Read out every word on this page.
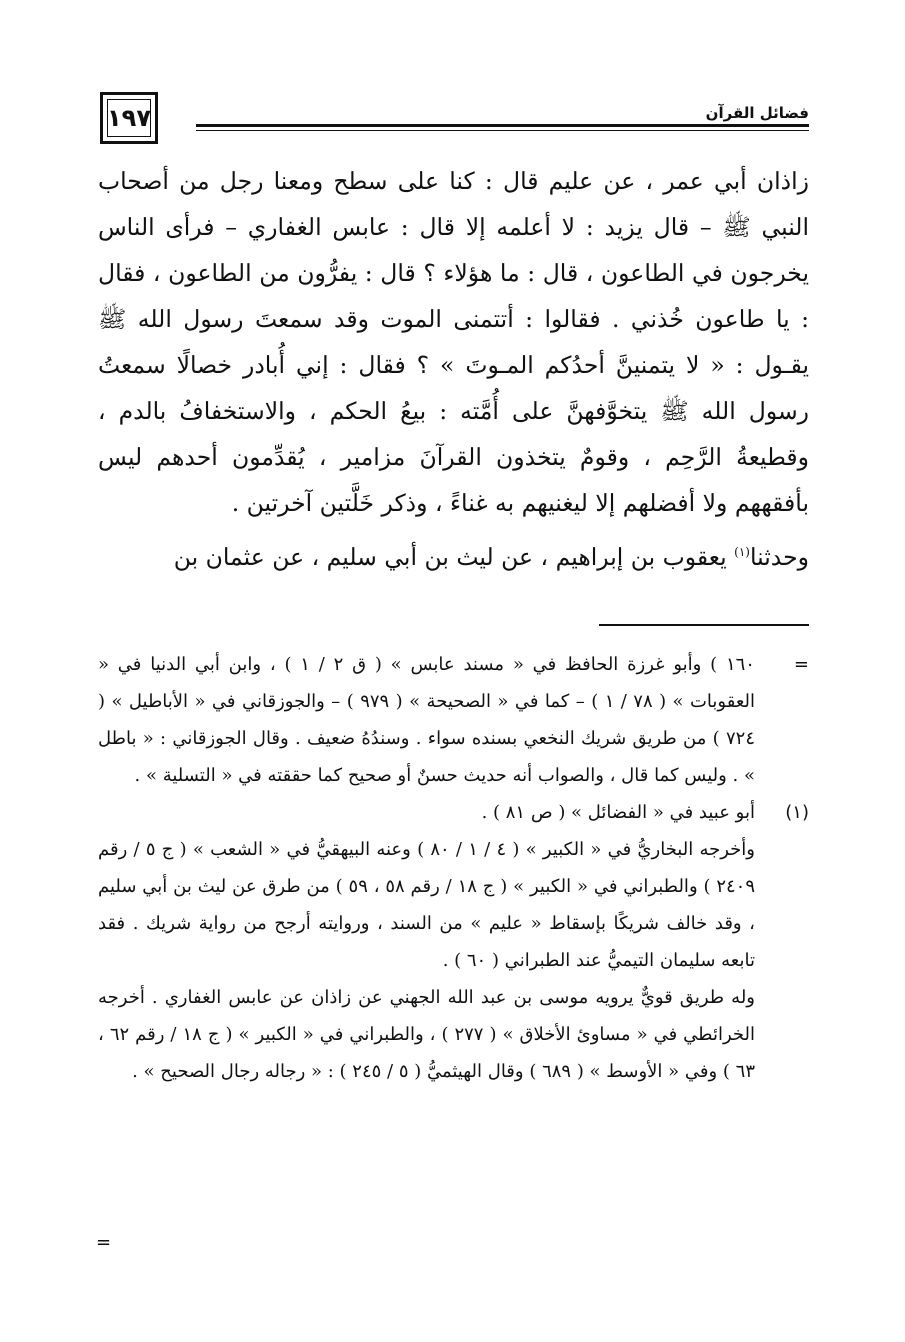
١٩٧	فضائل القرآن

زاذان أبي عمر ، عن عليم قال : كنا على سطح ومعنا رجل من أصحاب النبي ﷺ – قال يزيد : لا أعلمه إلا قال : عابس الغفاري – فرأى الناس يخرجون في الطاعون ، قال : ما هؤلاء ؟ قال : يفرُّون من الطاعون ، فقال : يا طاعون خُذني . فقالوا : أتتمنى الموت وقد سمعتَ رسول الله ﷺ يقـول : « لا يتمنينَّ أحدُكم المـوتَ » ؟ فقال : إني أُبادر خصالًا سمعتُ رسول الله ﷺ يتخوَّفهنَّ على أُمَّته : بيعُ الحكم ، والاستخفافُ بالدم ، وقطيعةُ الرَّحِم ، وقومٌ يتخذون القرآنَ مزامير ، يُقدِّمون أحدهم ليس بأفقههم ولا أفضلهم إلا ليغنيهم به غناءً ، وذكر خَلَّتين آخرتين .

وحدثنا$^{(١)}$ يعقوب بن إبراهيم ، عن ليث بن أبي سليم ، عن عثمان بن

=

١٦٠ ) وأبو غرزة الحافظ في « مسند عابس » ( ق ٢ / ١ ) ، وابن أبي الدنيا في « العقوبات » ( ٧٨ / ١ ) – كما في « الصحيحة » ( ٩٧٩ ) – والجوزقاني في « الأباطيل » ( ٧٢٤ ) من طريق شريك النخعي بسنده سواء . وسندُهُ ضعيف . وقال الجوزقاني : « باطل » . وليس كما قال ، والصواب أنه حديث حسنٌ أو صحيح كما حققته في « التسلية » .

(١)

أبو عبيد في « الفضائل » ( ص ٨١ ) .

وأخرجه البخاريُّ في « الكبير » ( ٤ / ١ / ٨٠ ) وعنه البيهقيُّ في « الشعب » ( ج ٥ / رقم ٢٤٠٩ ) والطبراني في « الكبير » ( ج ١٨ / رقم ٥٨ ، ٥٩ ) من طرق عن ليث بن أبي سليم ، وقد خالف شريكًا بإسقاط « عليم » من السند ، وروايته أرجح من رواية شريك . فقد تابعه سليمان التيميُّ عند الطبراني ( ٦٠ ) .

وله طريق قويٌّ يرويه موسى بن عبد الله الجهني عن زاذان عن عابس الغفاري . أخرجه الخرائطي في « مساوئ الأخلاق » ( ٢٧٧ ) ، والطبراني في « الكبير » ( ج ١٨ / رقم ٦٢ ، ٦٣ ) وفي « الأوسط » ( ٦٨٩ ) وقال الهيثميُّ ( ٥ / ٢٤٥ ) : « رجاله رجال الصحيح » .

=
